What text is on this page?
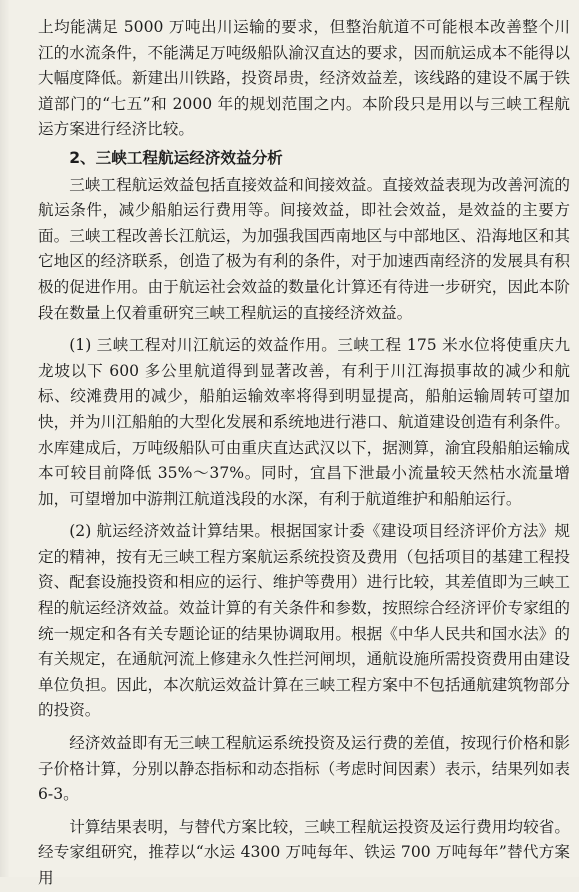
上均能满足 5000 万吨出川运输的要求，但整治航道不可能根本改善整个川江的水流条件，不能满足万吨级船队渝汉直达的要求，因而航运成本不能得以大幅度降低。新建出川铁路，投资昂贵，经济效益差，该线路的建设不属于铁道部门的“七五”和 2000 年的规划范围之内。本阶段只是用以与三峡工程航运方案进行经济比较。

2、三峡工程航运经济效益分析

三峡工程航运效益包括直接效益和间接效益。直接效益表现为改善河流的航运条件，减少船舶运行费用等。间接效益，即社会效益，是效益的主要方面。三峡工程改善长江航运，为加强我国西南地区与中部地区、沿海地区和其它地区的经济联系，创造了极为有利的条件，对于加速西南经济的发展具有积极的促进作用。由于航运社会效益的数量化计算还有待进一步研究，因此本阶段在数量上仅着重研究三峡工程航运的直接经济效益。

(1) 三峡工程对川江航运的效益作用。三峡工程 175 米水位将使重庆九龙坡以下 600 多公里航道得到显著改善，有利于川江海损事故的减少和航标、绞滩费用的减少，船舶运输效率将得到明显提高，船舶运输周转可望加快，并为川江船舶的大型化发展和系统地进行港口、航道建设创造有利条件。水库建成后，万吨级船队可由重庆直达武汉以下，据测算，渝宜段船舶运输成本可较目前降低 35%～37%。同时，宜昌下泄最小流量较天然枯水流量增加，可望增加中游荆江航道浅段的水深，有利于航道维护和船舶运行。

(2) 航运经济效益计算结果。根据国家计委《建设项目经济评价方法》规定的精神，按有无三峡工程方案航运系统投资及费用（包括项目的基建工程投资、配套设施投资和相应的运行、维护等费用）进行比较，其差值即为三峡工程的航运经济效益。效益计算的有关条件和参数，按照综合经济评价专家组的统一规定和各有关专题论证的结果协调取用。根据《中华人民共和国水法》的有关规定，在通航河流上修建永久性拦河闸坝，通航设施所需投资费用由建设单位负担。因此，本次航运效益计算在三峡工程方案中不包括通航建筑物部分的投资。

经济效益即有无三峡工程航运系统投资及运行费的差值，按现行价格和影子价格计算，分别以静态指标和动态指标（考虑时间因素）表示，结果列如表 6-3。

计算结果表明，与替代方案比较，三峡工程航运投资及运行费用均较省。经专家组研究，推荐以“水运 4300 万吨每年、铁运 700 万吨每年”替代方案用
